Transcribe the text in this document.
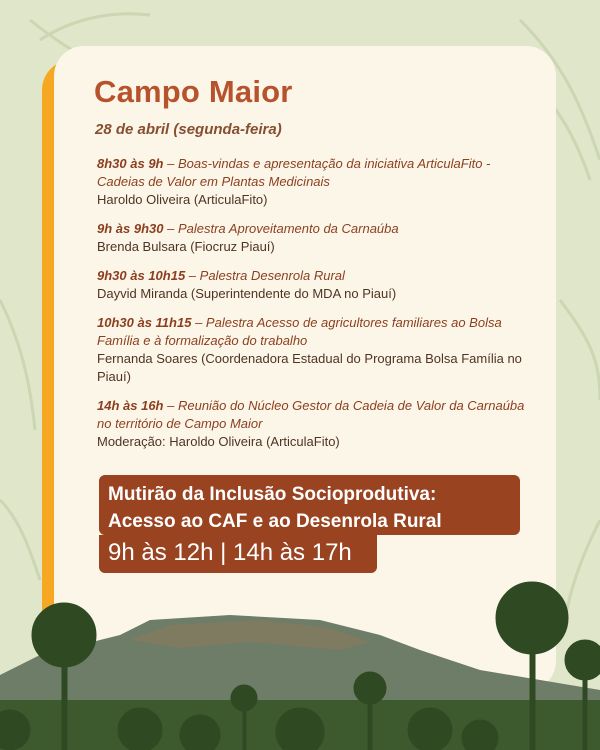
Campo Maior
28 de abril (segunda-feira)
8h30 às 9h – Boas-vindas e apresentação da iniciativa ArticulaFito - Cadeias de Valor em Plantas Medicinais
Haroldo Oliveira (ArticulaFito)
9h às 9h30 – Palestra Aproveitamento da Carnaúba
Brenda Bulsara (Fiocruz Piauí)
9h30 às 10h15 – Palestra Desenrola Rural
Dayvid Miranda (Superintendente do MDA no Piauí)
10h30 às 11h15 – Palestra Acesso de agricultores familiares ao Bolsa Família e à formalização do trabalho
Fernanda Soares (Coordenadora Estadual do Programa Bolsa Família no Piauí)
14h às 16h – Reunião do Núcleo Gestor da Cadeia de Valor da Carnaúba no território de Campo Maior
Moderação: Haroldo Oliveira (ArticulaFito)
Mutirão da Inclusão Socioprodutiva:
Acesso ao CAF e ao Desenrola Rural
9h às 12h | 14h às 17h
